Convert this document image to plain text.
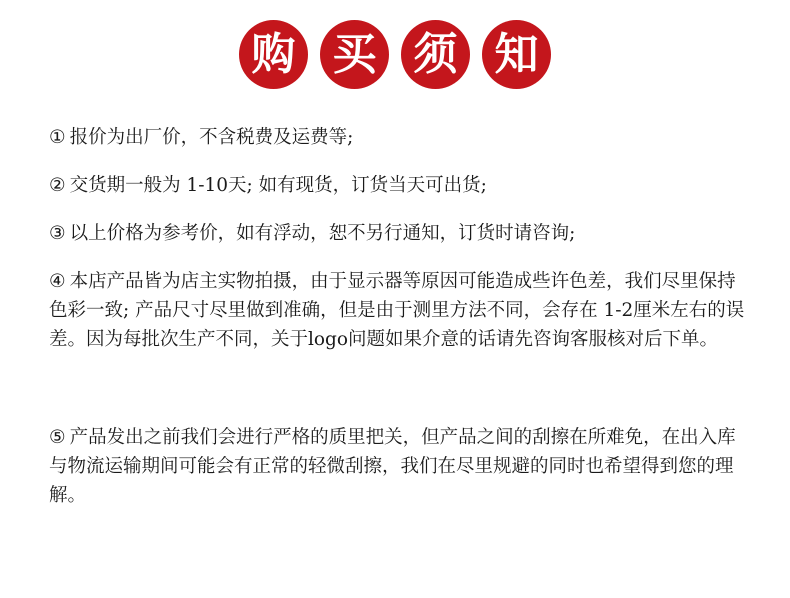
购 买 须 知

① 报价为出厂价，不含税费及运费等;

② 交货期一般为 1-10天; 如有现货，订货当天可出货;

③ 以上价格为参考价，如有浮动，恕不另行通知，订货时请咨询;

④ 本店产品皆为店主实物拍摄，由于显示器等原因可能造成些许色差，我们尽里保持色彩一致; 产品尺寸尽里做到准确，但是由于测里方法不同，会存在 1-2厘米左右的误差。因为每批次生产不同，关于logo问题如果介意的话请先咨询客服核对后下单。

⑤ 产品发出之前我们会进行严格的质里把关，但产品之间的刮擦在所难免，在出入库与物流运输期间可能会有正常的轻微刮擦，我们在尽里规避的同时也希望得到您的理解。
